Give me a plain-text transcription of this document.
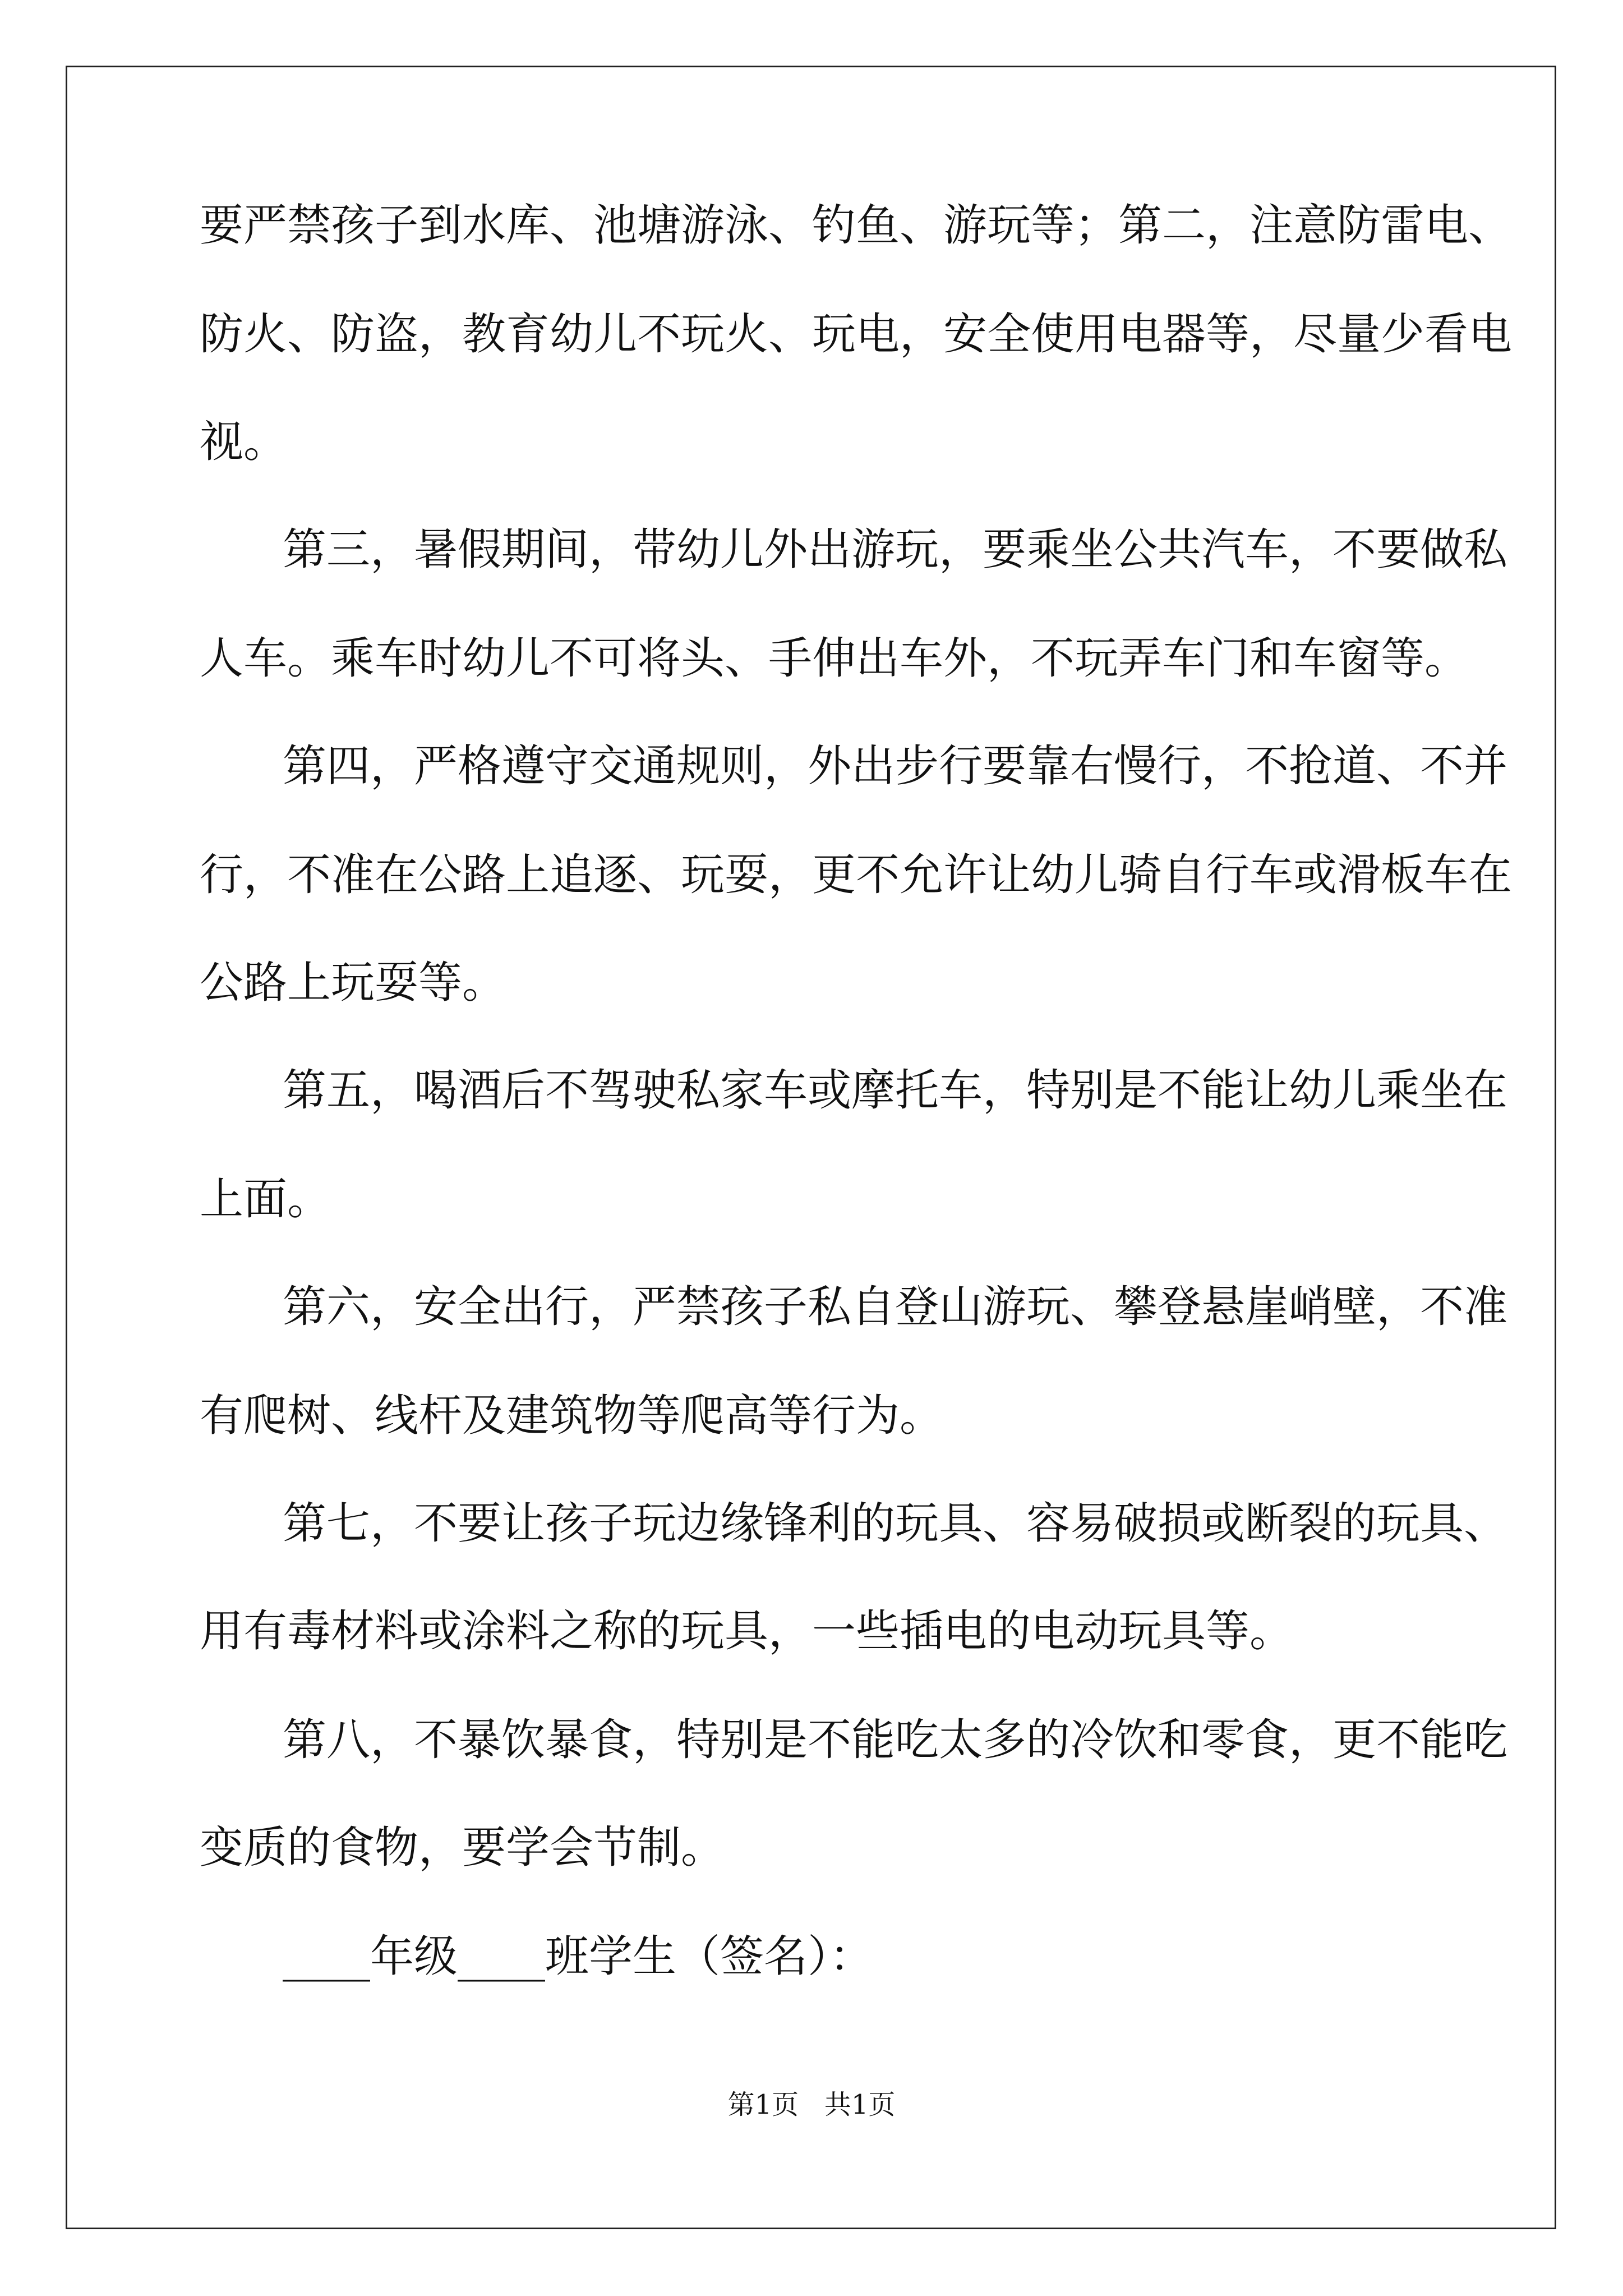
要严禁孩子到水库、池塘游泳、钓鱼、游玩等；第二，注意防雷电、
防火、防盗，教育幼儿不玩火、玩电，安全使用电器等，尽量少看电
视。
第三，暑假期间，带幼儿外出游玩，要乘坐公共汽车，不要做私
人车。乘车时幼儿不可将头、手伸出车外，不玩弄车门和车窗等。
第四，严格遵守交通规则，外出步行要靠右慢行，不抢道、不并
行，不准在公路上追逐、玩耍，更不允许让幼儿骑自行车或滑板车在
公路上玩耍等。
第五，喝酒后不驾驶私家车或摩托车，特别是不能让幼儿乘坐在
上面。
第六，安全出行，严禁孩子私自登山游玩、攀登悬崖峭壁，不准
有爬树、线杆及建筑物等爬高等行为。
第七，不要让孩子玩边缘锋利的玩具、容易破损或断裂的玩具、
用有毒材料或涂料之称的玩具，一些插电的电动玩具等。
第八，不暴饮暴食，特别是不能吃太多的冷饮和零食，更不能吃
变质的食物，要学会节制。
____年级____班学生（签名）：
第1页   共1页
